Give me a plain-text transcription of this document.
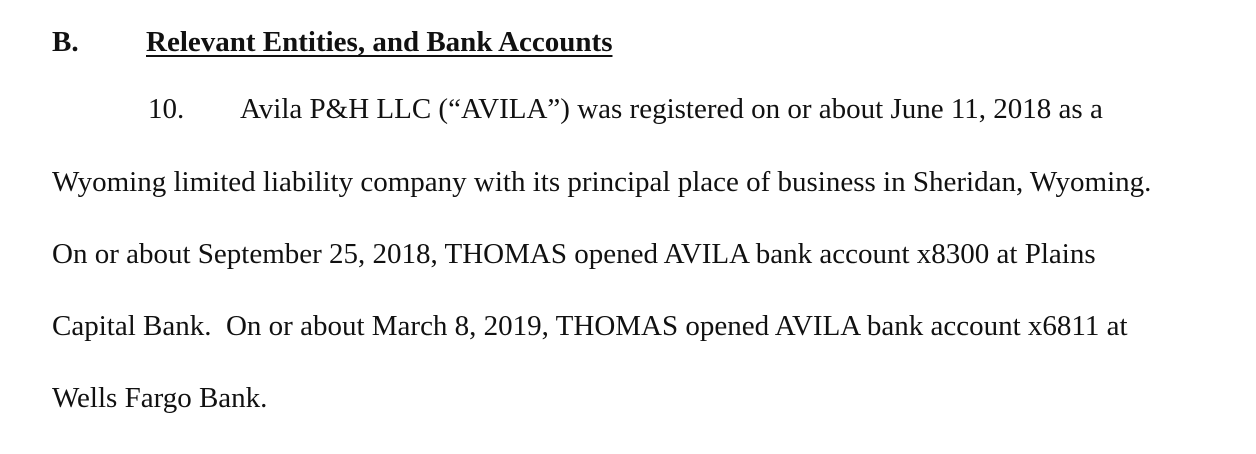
B. Relevant Entities, and Bank Accounts
10. Avila P&H LLC (“AVILA”) was registered on or about June 11, 2018 as a
Wyoming limited liability company with its principal place of business in Sheridan, Wyoming.
On or about September 25, 2018, THOMAS opened AVILA bank account x8300 at Plains
Capital Bank.  On or about March 8, 2019, THOMAS opened AVILA bank account x6811 at
Wells Fargo Bank.
